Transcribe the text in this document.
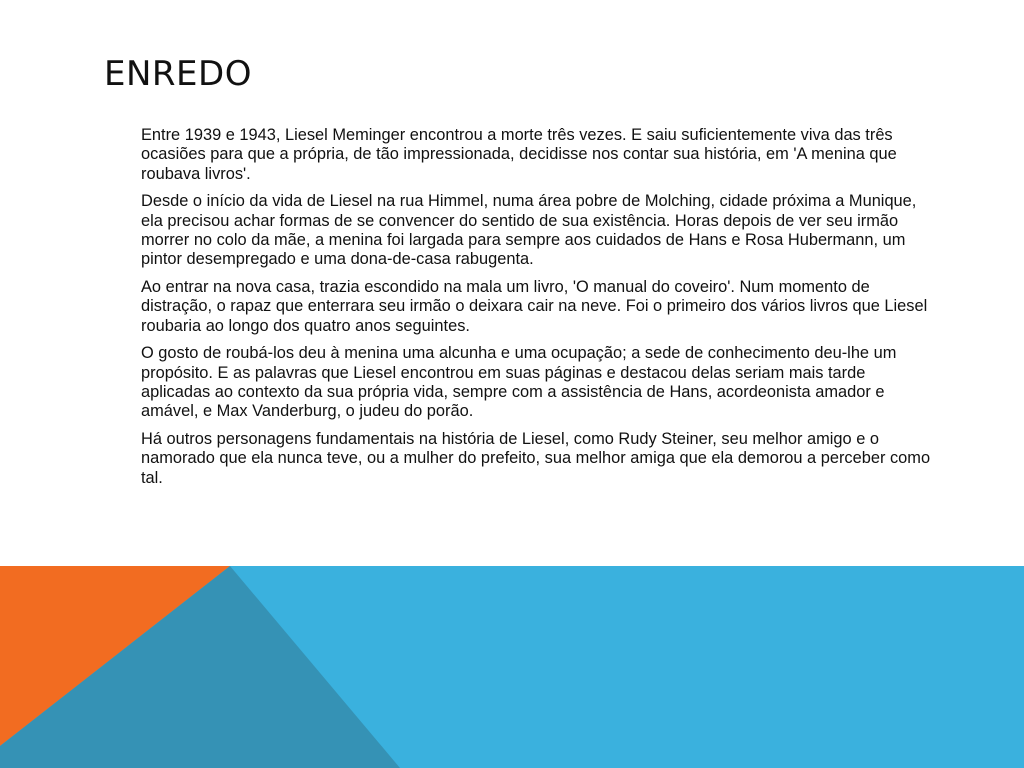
ENREDO

Entre 1939 e 1943, Liesel Meminger encontrou a morte três vezes. E saiu suficientemente viva das três ocasiões para que a própria, de tão impressionada, decidisse nos contar sua história, em 'A menina que roubava livros'.

Desde o início da vida de Liesel na rua Himmel, numa área pobre de Molching, cidade próxima a Munique, ela precisou achar formas de se convencer do sentido de sua existência. Horas depois de ver seu irmão morrer no colo da mãe, a menina foi largada para sempre aos cuidados de Hans e Rosa Hubermann, um pintor desempregado e uma dona-de-casa rabugenta.

Ao entrar na nova casa, trazia escondido na mala um livro, 'O manual do coveiro'. Num momento de distração, o rapaz que enterrara seu irmão o deixara cair na neve. Foi o primeiro dos vários livros que Liesel roubaria ao longo dos quatro anos seguintes.

O gosto de roubá-los deu à menina uma alcunha e uma ocupação; a sede de conhecimento deu-lhe um propósito. E as palavras que Liesel encontrou em suas páginas e destacou delas seriam mais tarde aplicadas ao contexto da sua própria vida, sempre com a assistência de Hans, acordeonista amador e amável, e Max Vanderburg, o judeu do porão.

Há outros personagens fundamentais na história de Liesel, como Rudy Steiner, seu melhor amigo e o namorado que ela nunca teve, ou a mulher do prefeito, sua melhor amiga que ela demorou a perceber como tal.
